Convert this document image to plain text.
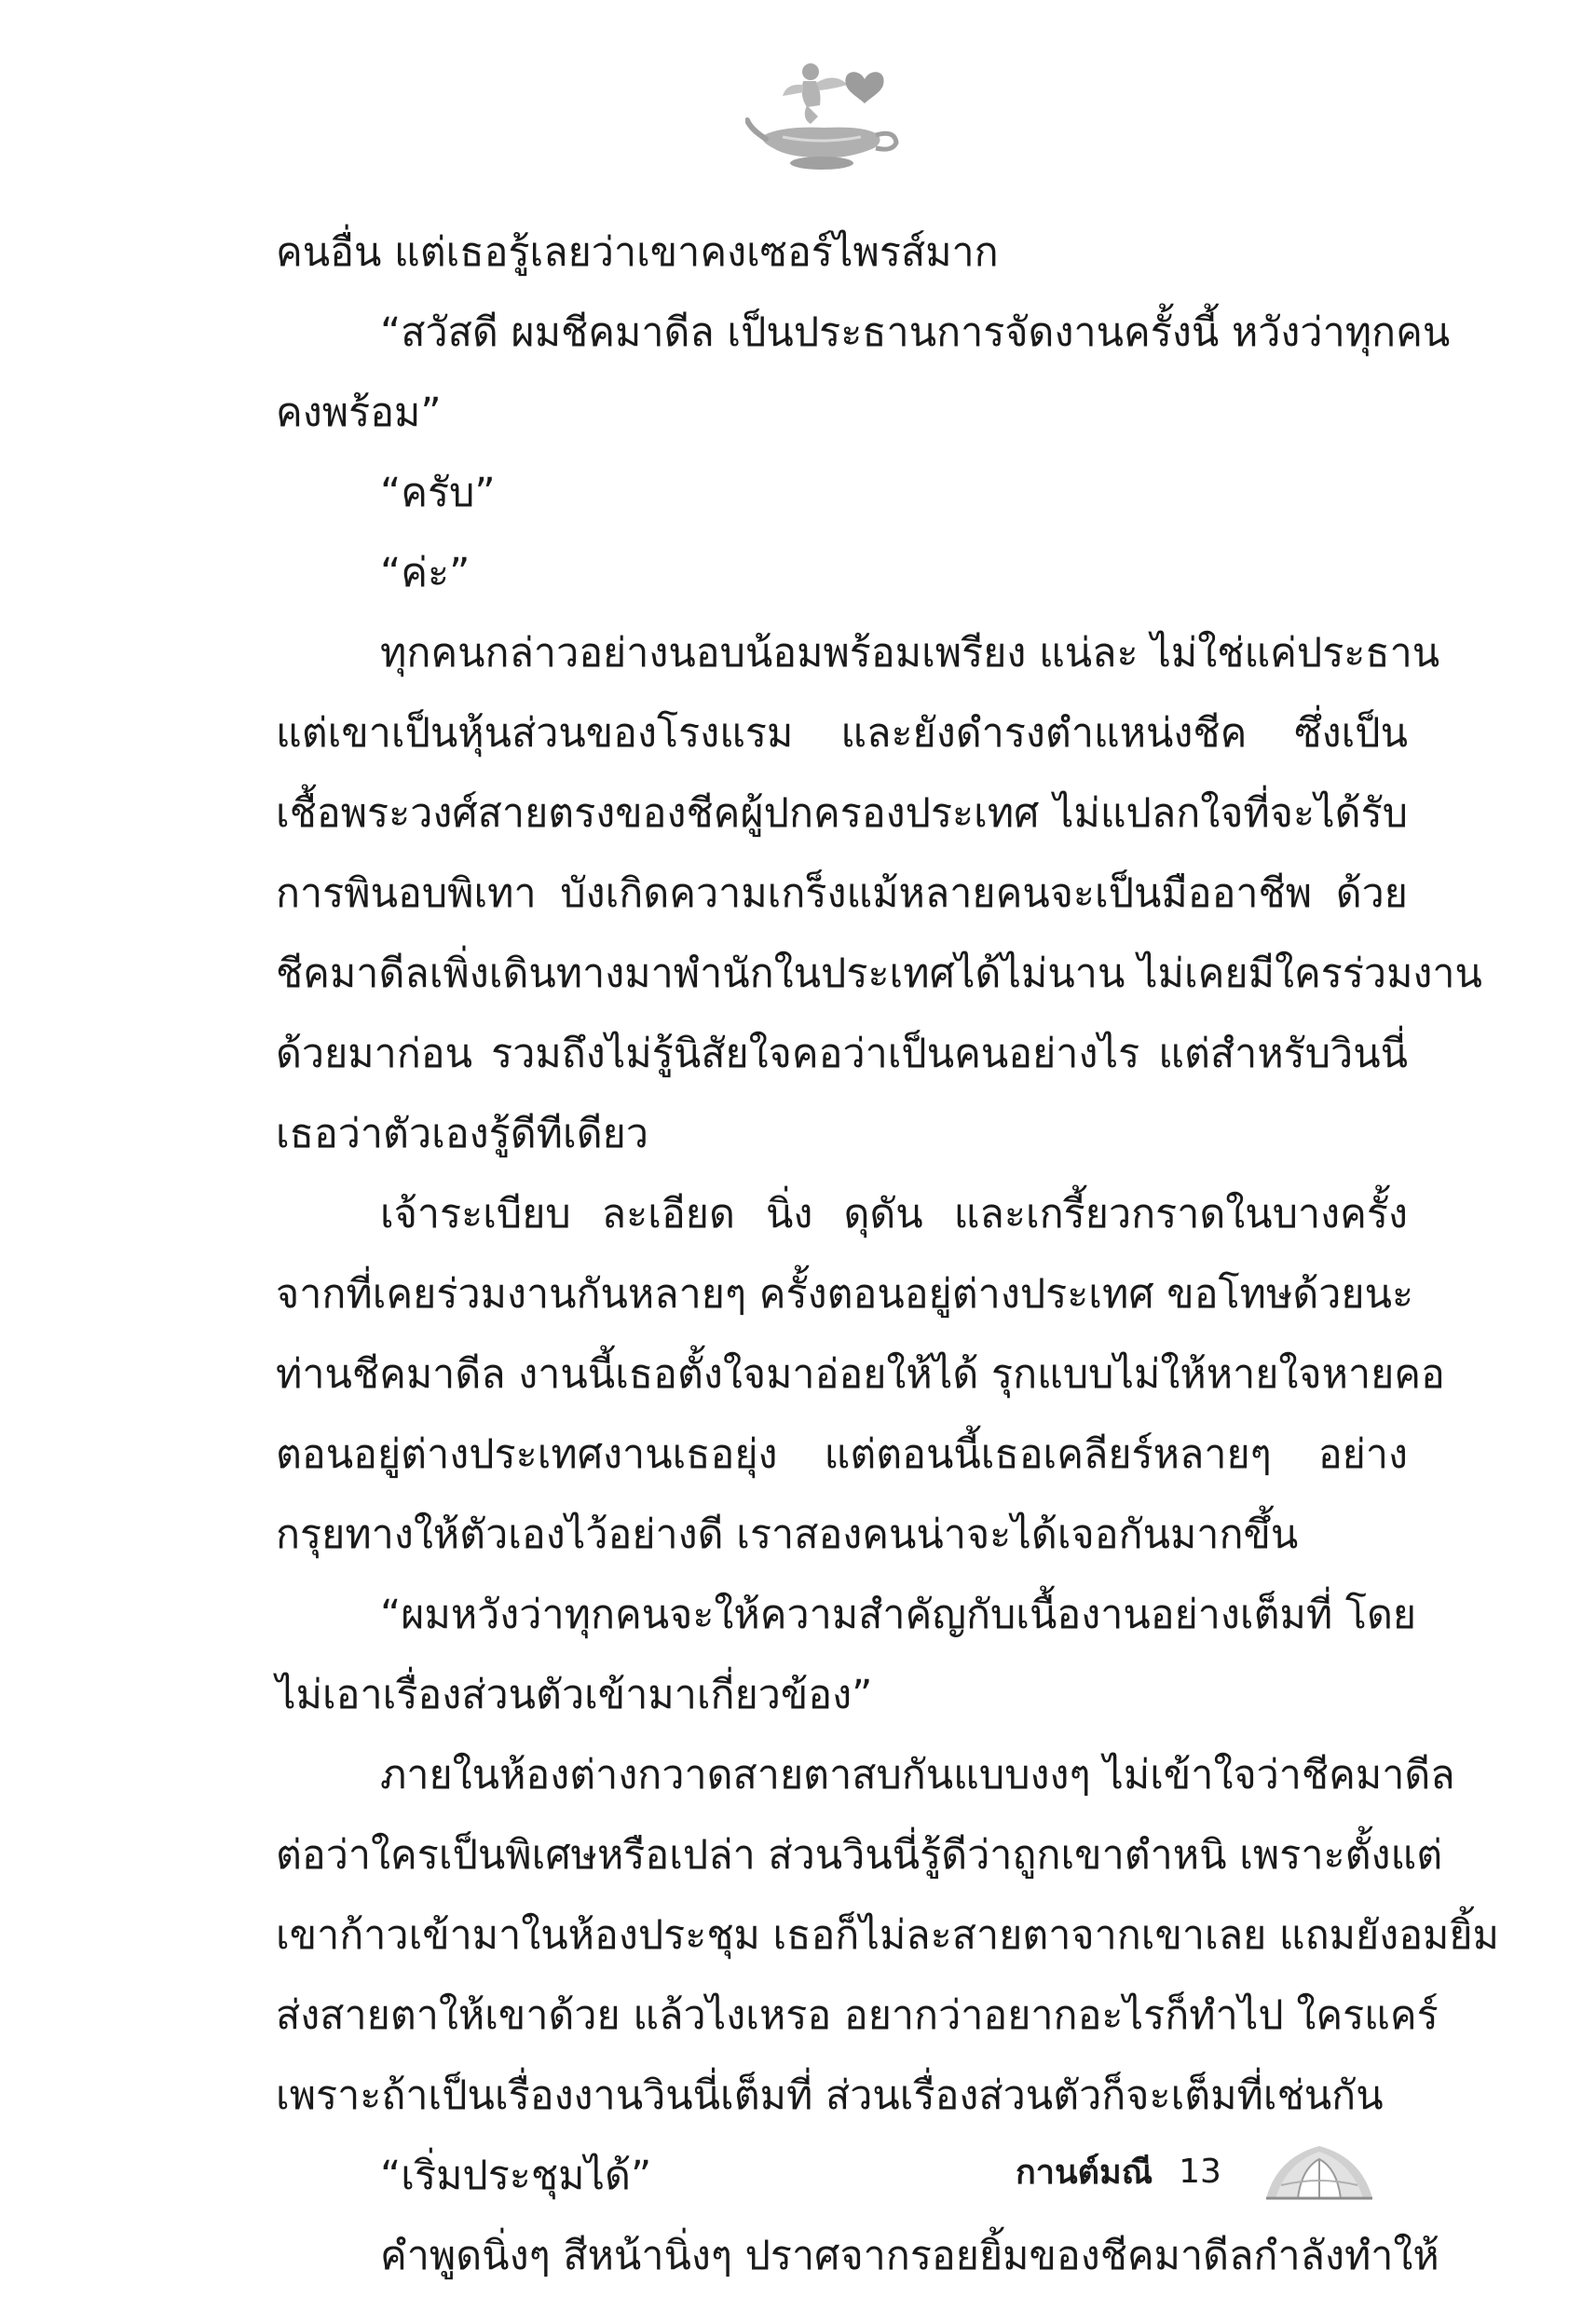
คนอื่น แต่เธอรู้เลยว่าเขาคงเซอร์ไพรส์มาก
“สวัสดี ผมชีคมาดีล เป็นประธานการจัดงานครั้งนี้ หวังว่าทุกคน
คงพร้อม”
“ครับ”
“ค่ะ”
ทุกคนกล่าวอย่างนอบน้อมพร้อมเพรียง แน่ละ ไม่ใช่แค่ประธาน
แต่เขาเป็นหุ้นส่วนของโรงแรม และยังดำรงตำแหน่งชีค ซึ่งเป็น
เชื้อพระวงศ์สายตรงของชีคผู้ปกครองประเทศ ไม่แปลกใจที่จะได้รับ
การพินอบพิเทา บังเกิดความเกร็งแม้หลายคนจะเป็นมืออาชีพ ด้วย
ชีคมาดีลเพิ่งเดินทางมาพำนักในประเทศได้ไม่นาน ไม่เคยมีใครร่วมงาน
ด้วยมาก่อน รวมถึงไม่รู้นิสัยใจคอว่าเป็นคนอย่างไร แต่สำหรับวินนี่
เธอว่าตัวเองรู้ดีทีเดียว
เจ้าระเบียบ ละเอียด นิ่ง ดุดัน และเกรี้ยวกราดในบางครั้ง
จากที่เคยร่วมงานกันหลายๆ ครั้งตอนอยู่ต่างประเทศ ขอโทษด้วยนะ
ท่านชีคมาดีล งานนี้เธอตั้งใจมาอ่อยให้ได้ รุกแบบไม่ให้หายใจหายคอ
ตอนอยู่ต่างประเทศงานเธอยุ่ง แต่ตอนนี้เธอเคลียร์หลายๆ อย่าง
กรุยทางให้ตัวเองไว้อย่างดี เราสองคนน่าจะได้เจอกันมากขึ้น
“ผมหวังว่าทุกคนจะให้ความสำคัญกับเนื้องานอย่างเต็มที่ โดย
ไม่เอาเรื่องส่วนตัวเข้ามาเกี่ยวข้อง”
ภายในห้องต่างกวาดสายตาสบกันแบบงงๆ ไม่เข้าใจว่าชีคมาดีล
ต่อว่าใครเป็นพิเศษหรือเปล่า ส่วนวินนี่รู้ดีว่าถูกเขาตำหนิ เพราะตั้งแต่
เขาก้าวเข้ามาในห้องประชุม เธอก็ไม่ละสายตาจากเขาเลย แถมยังอมยิ้ม
ส่งสายตาให้เขาด้วย แล้วไงเหรอ อยากว่าอยากอะไรก็ทำไป ใครแคร์
เพราะถ้าเป็นเรื่องงานวินนี่เต็มที่ ส่วนเรื่องส่วนตัวก็จะเต็มที่เช่นกัน
“เริ่มประชุมได้”
คำพูดนิ่งๆ สีหน้านิ่งๆ ปราศจากรอยยิ้มของชีคมาดีลกำลังทำให้
กานต์มณี 13
